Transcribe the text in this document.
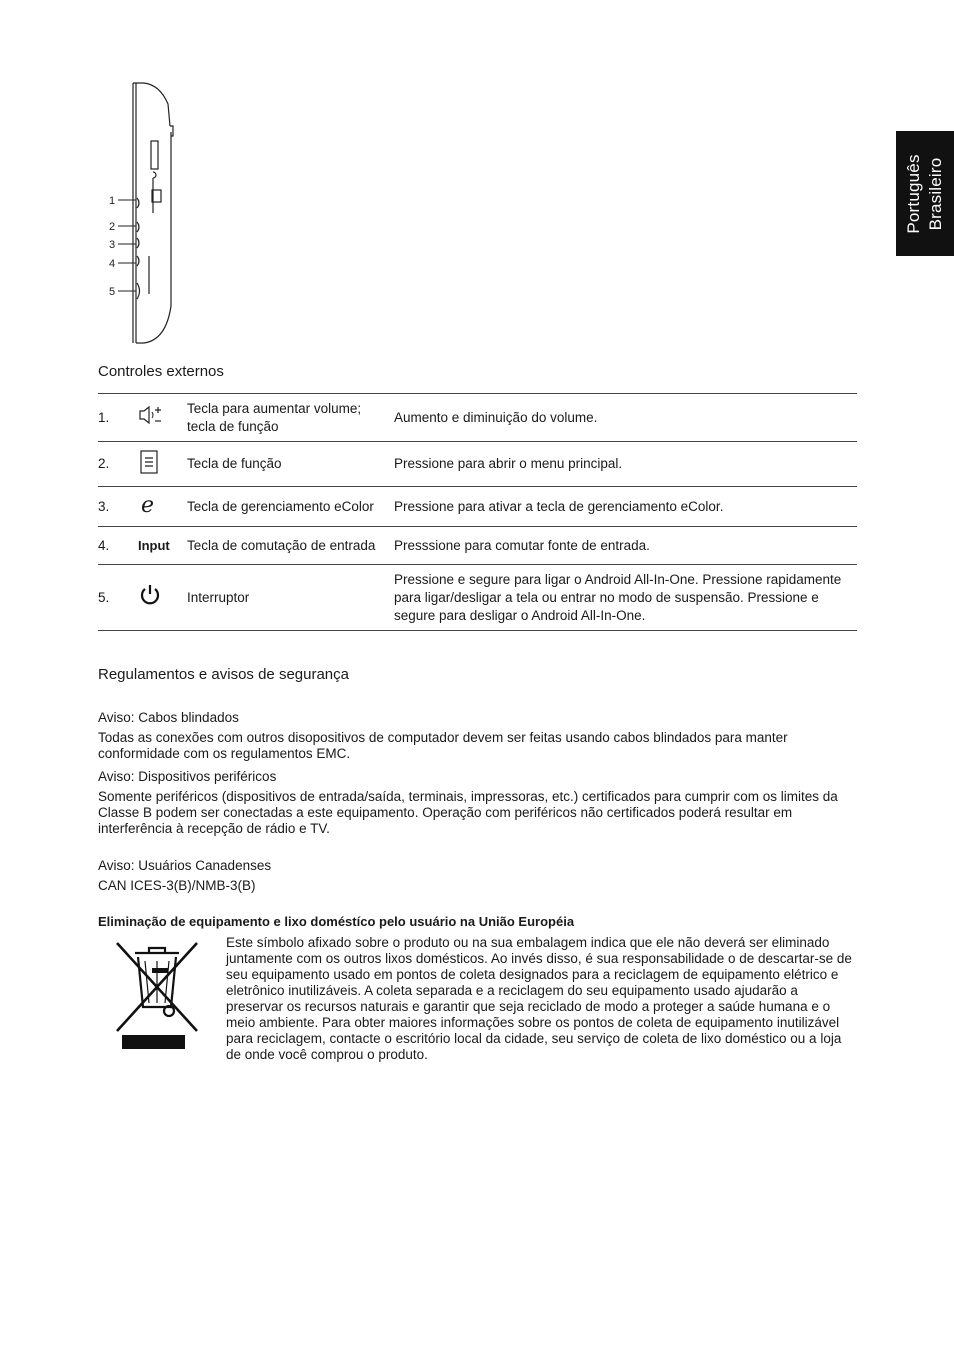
Português Brasileiro
1
2
3
4
5
Controles externos
1.		Tecla para aumentar volume; tecla de função	Aumento e diminuição do volume.
2.		Tecla de função	Pressione para abrir o menu principal.
3.	e	Tecla de gerenciamento eColor	Pressione para ativar a tecla de gerenciamento eColor.
4.	Input	Tecla de comutação de entrada	Presssione para comutar fonte de entrada.
5.		Interruptor	Pressione e segure para ligar o Android All-In-One. Pressione rapidamente para ligar/desligar a tela ou entrar no modo de suspensão. Pressione e segure para desligar o Android All-In-One.
Regulamentos e avisos de segurança
Aviso: Cabos blindados
Todas as conexões com outros disopositivos de computador devem ser feitas usando cabos blindados para manter conformidade com os regulamentos EMC.
Aviso: Dispositivos periféricos
Somente periféricos (dispositivos de entrada/saída, terminais, impressoras, etc.) certificados para cumprir com os limites da Classe B podem ser conectadas a este equipamento. Operação com periféricos não certificados poderá resultar em interferência à recepção de rádio e TV.
Aviso: Usuários Canadenses
CAN ICES-3(B)/NMB-3(B)
Eliminação de equipamento e lixo doméstíco pelo usuário na União Européia
Este símbolo afixado sobre o produto ou na sua embalagem indica que ele não deverá ser eliminado juntamente com os outros lixos domésticos. Ao invés disso, é sua responsabilidade o de descartar-se de seu equipamento usado em pontos de coleta designados para a reciclagem de equipamento elétrico e eletrônico inutilizáveis. A coleta separada e a reciclagem do seu equipamento usado ajudarão a preservar os recursos naturais e garantir que seja reciclado de modo a proteger a saúde humana e o meio ambiente. Para obter maiores informações sobre os pontos de coleta de equipamento inutilizável para reciclagem, contacte o escritório local da cidade, seu serviço de coleta de lixo doméstico ou a loja de onde você comprou o produto.
